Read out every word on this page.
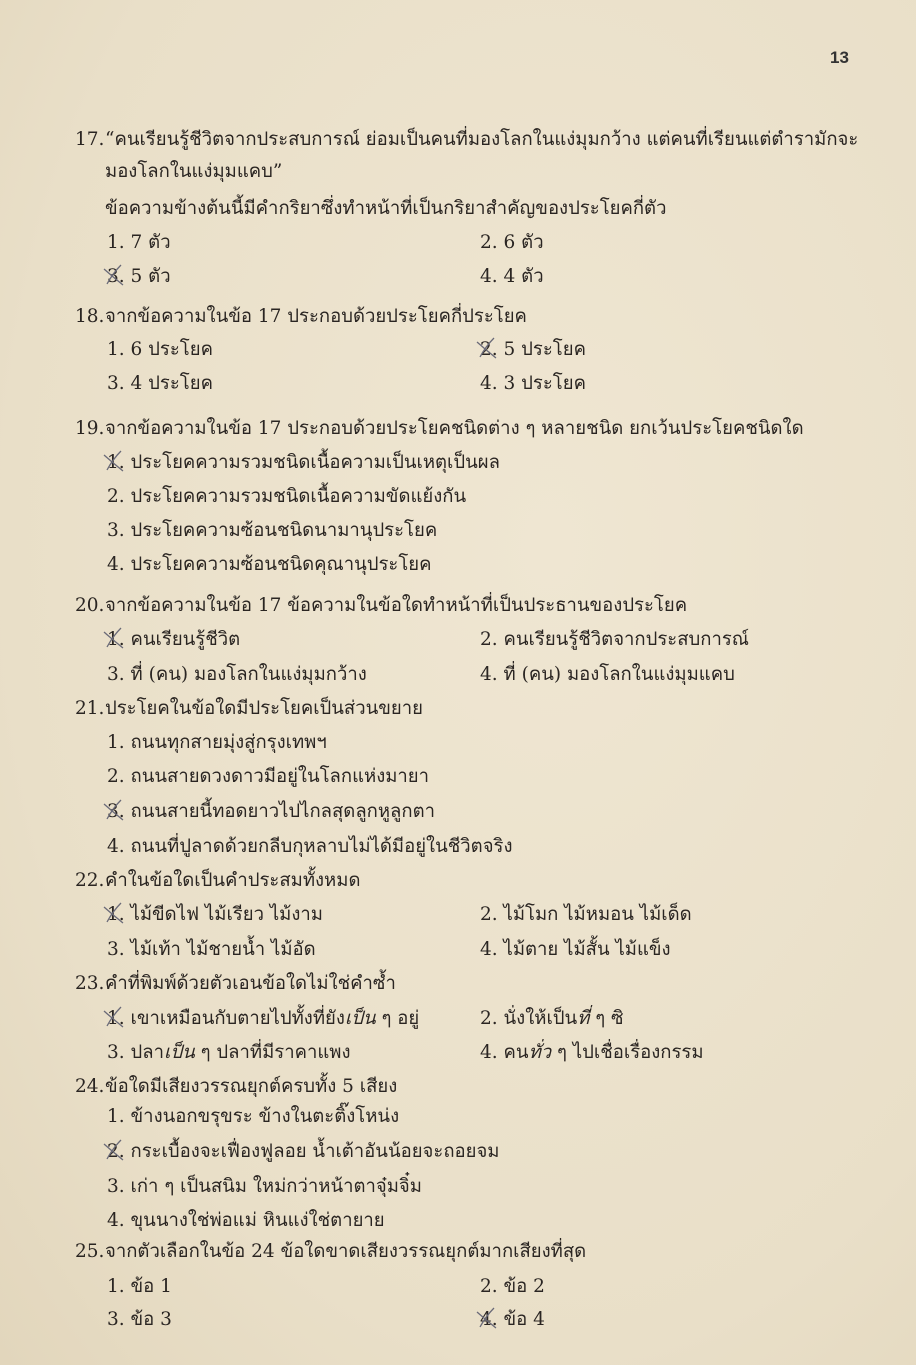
13
17. “คนเรียนรู้ชีวิตจากประสบการณ์ ย่อมเป็นคนที่มองโลกในแง่มุมกว้าง แต่คนที่เรียนแต่ตำรามักจะ
มองโลกในแง่มุมแคบ”
ข้อความข้างต้นนี้มีคำกริยาซึ่งทำหน้าที่เป็นกริยาสำคัญของประโยคกี่ตัว
1. 7 ตัว	2. 6 ตัว
3. 5 ตัว	4. 4 ตัว
18. จากข้อความในข้อ 17 ประกอบด้วยประโยคกี่ประโยค
1. 6 ประโยค	2. 5 ประโยค
3. 4 ประโยค	4. 3 ประโยค
19. จากข้อความในข้อ 17 ประกอบด้วยประโยคชนิดต่าง ๆ หลายชนิด ยกเว้นประโยคชนิดใด
1. ประโยคความรวมชนิดเนื้อความเป็นเหตุเป็นผล
2. ประโยคความรวมชนิดเนื้อความขัดแย้งกัน
3. ประโยคความซ้อนชนิดนามานุประโยค
4. ประโยคความซ้อนชนิดคุณานุประโยค
20. จากข้อความในข้อ 17 ข้อความในข้อใดทำหน้าที่เป็นประธานของประโยค
1. คนเรียนรู้ชีวิต	2. คนเรียนรู้ชีวิตจากประสบการณ์
3. ที่ (คน) มองโลกในแง่มุมกว้าง	4. ที่ (คน) มองโลกในแง่มุมแคบ
21. ประโยคในข้อใดมีประโยคเป็นส่วนขยาย
1. ถนนทุกสายมุ่งสู่กรุงเทพฯ
2. ถนนสายดวงดาวมีอยู่ในโลกแห่งมายา
3. ถนนสายนี้ทอดยาวไปไกลสุดลูกหูลูกตา
4. ถนนที่ปูลาดด้วยกลีบกุหลาบไม่ได้มีอยู่ในชีวิตจริง
22. คำในข้อใดเป็นคำประสมทั้งหมด
1. ไม้ขีดไฟ ไม้เรียว ไม้งาม	2. ไม้โมก ไม้หมอน ไม้เด็ด
3. ไม้เท้า ไม้ชายน้ำ ไม้อัด	4. ไม้ตาย ไม้สั้น ไม้แข็ง
23. คำที่พิมพ์ด้วยตัวเอนข้อใดไม่ใช่คำซ้ำ
1. เขาเหมือนกับตายไปทั้งที่ยังเป็น ๆ อยู่	2. นั่งให้เป็นที่ ๆ ซิ
3. ปลาเป็น ๆ ปลาที่มีราคาแพง	4. คนทั่ว ๆ ไปเชื่อเรื่องกรรม
24. ข้อใดมีเสียงวรรณยุกต์ครบทั้ง 5 เสียง
1. ข้างนอกขรุขระ ข้างในตะติ๊งโหน่ง
2. กระเบื้องจะเฟื่องฟูลอย น้ำเต้าอันน้อยจะถอยจม
3. เก่า ๆ เป็นสนิม ใหม่กว่าหน้าตาจุ๋มจิ๋ม
4. ขุนนางใช่พ่อแม่ หินแง่ใช่ตายาย
25. จากตัวเลือกในข้อ 24 ข้อใดขาดเสียงวรรณยุกต์มากเสียงที่สุด
1. ข้อ 1	2. ข้อ 2
3. ข้อ 3	4. ข้อ 4
